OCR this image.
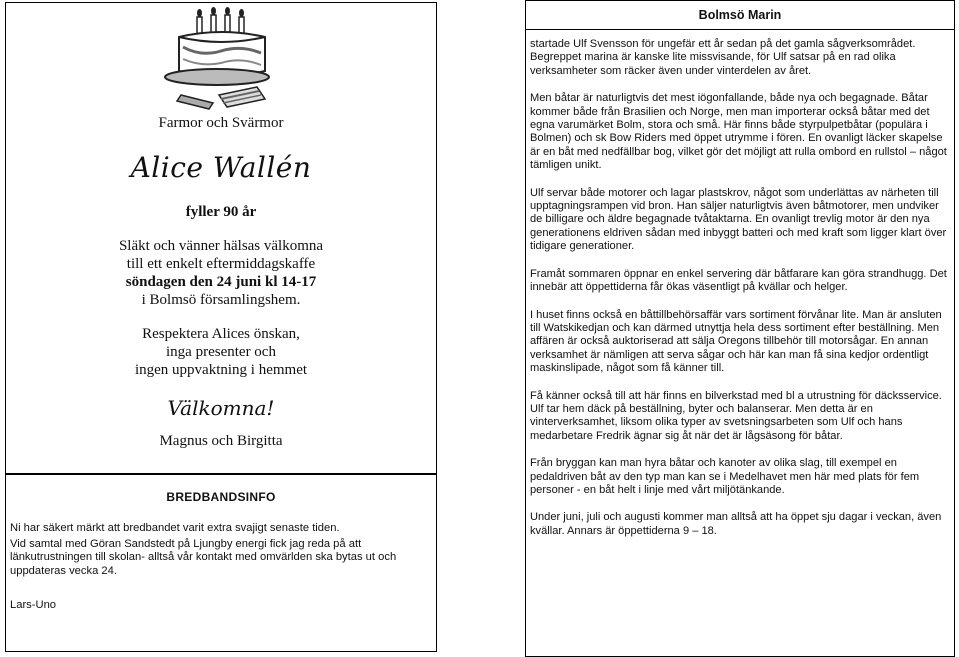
Farmor och Svärmor
Alice Wallén
fyller 90 år
Släkt och vänner hälsas välkomna
till ett enkelt eftermiddagskaffe
söndagen den 24 juni kl 14-17
i Bolmsö församlingshem.
Respektera Alices önskan,
inga presenter och
ingen uppvaktning i hemmet
Välkomna!
Magnus och Birgitta
BREDBANDSINFO

Ni har säkert märkt att bredbandet varit extra svajigt senaste tiden.

Vid samtal med Göran Sandstedt på Ljungby energi fick jag reda på att länkutrustningen till skolan- alltså vår kontakt med omvärlden ska bytas ut och uppdateras vecka 24.

Lars-Uno
Bolmsö Marin

startade Ulf Svensson för ungefär ett år sedan på det gamla sågverksområdet. Begreppet marina är kanske lite missvisande, för Ulf satsar på en rad olika verksamheter som räcker även under vinterdelen av året.

Men båtar är naturligtvis det mest iögonfallande, både nya och begagnade. Båtar kommer både från Brasilien och Norge, men man importerar också båtar med det egna varumärket Bolm, stora och små. Här finns både styrpulpetbåtar (populära i Bolmen) och sk Bow Riders med öppet utrymme i fören. En ovanligt läcker skapelse är en båt med nedfällbar bog, vilket gör det möjligt att rulla ombord en rullstol – något tämligen unikt.

Ulf servar både motorer och lagar plastskrov, något som underlättas av närheten till upptagningsrampen vid bron. Han säljer naturligtvis även båtmotorer, men undviker de billigare och äldre begagnade tvåtaktarna. En ovanligt trevlig motor är den nya generationens eldriven sådan med inbyggt batteri och med kraft som ligger klart över tidigare generationer.

Framåt sommaren öppnar en enkel servering där båtfarare kan göra strandhugg. Det innebär att öppettiderna får ökas väsentligt på kvällar och helger.

I huset finns också en båttillbehörsaffär vars sortiment förvånar lite. Man är ansluten till Watskikedjan och kan därmed utnyttja hela dess sortiment efter beställning. Men affären är också auktoriserad att sälja Oregons tillbehör till motorsågar. En annan verksamhet är nämligen att serva sågar och här kan man få sina kedjor ordentligt maskinslipade, något som få känner till.

Få känner också till att här finns en bilverkstad med bl a utrustning för däcksservice. Ulf tar hem däck på beställning, byter och balanserar. Men detta är en vinterverksamhet, liksom olika typer av svetsningsarbeten som Ulf och hans medarbetare Fredrik ägnar sig åt när det är lågsäsong för båtar.

Från bryggan kan man hyra båtar och kanoter av olika slag, till exempel en pedaldriven båt av den typ man kan se i Medelhavet men här med plats för fem personer - en båt helt i linje med vårt miljötänkande.

Under juni, juli och augusti kommer man alltså att ha öppet sju dagar i veckan, även kvällar. Annars är öppettiderna 9 – 18.
